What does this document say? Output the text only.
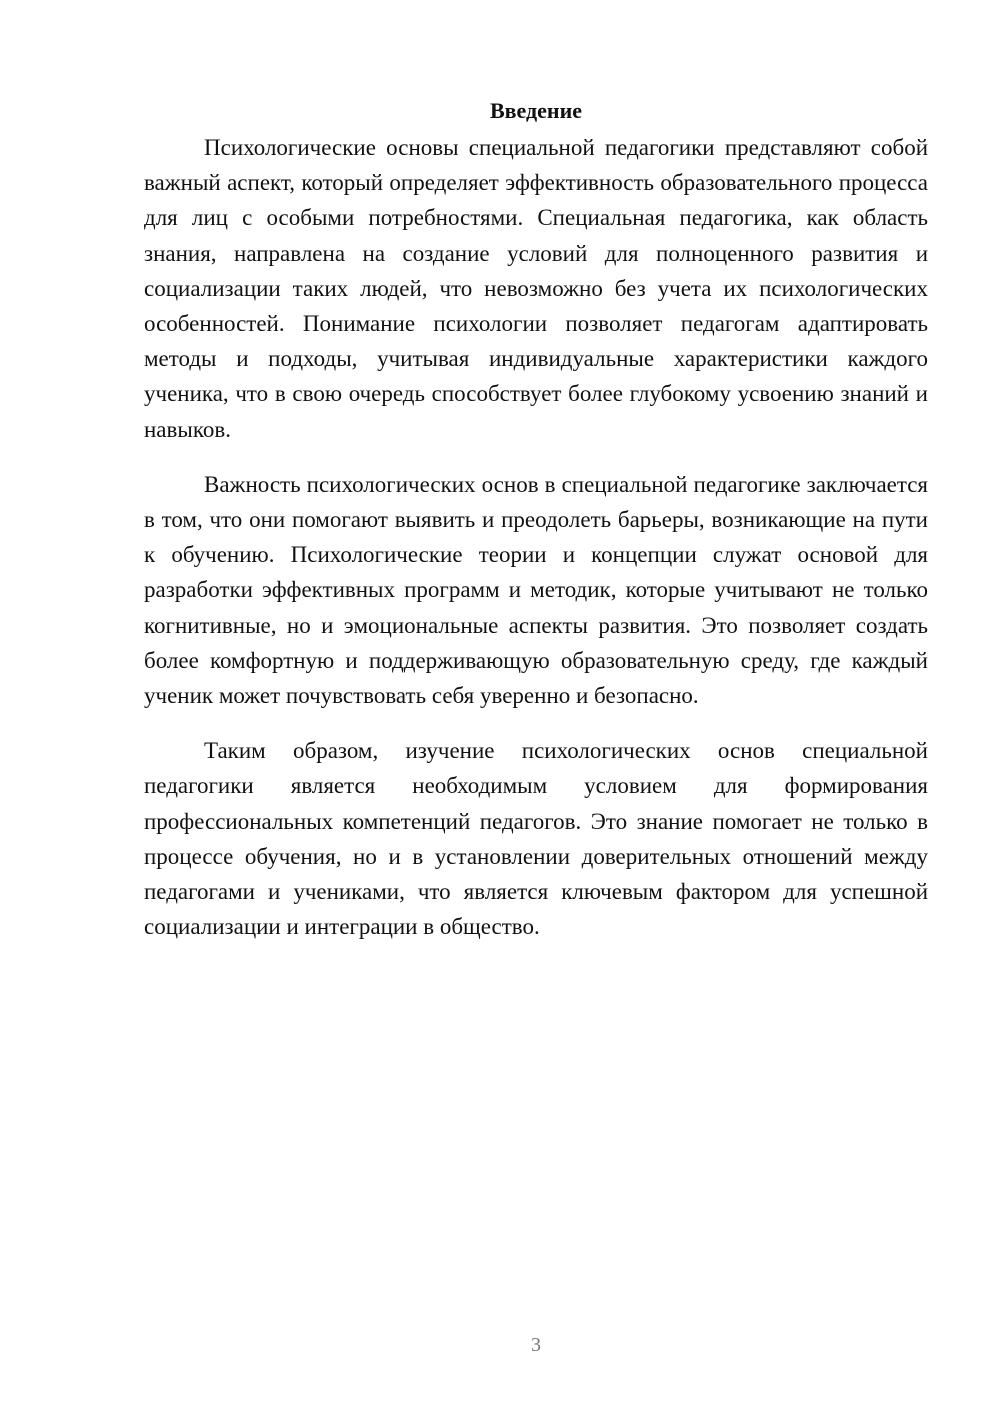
Введение

Психологические основы специальной педагогики представляют собой важный аспект, который определяет эффективность образовательного процесса для лиц с особыми потребностями. Специальная педагогика, как область знания, направлена на создание условий для полноценного развития и социализации таких людей, что невозможно без учета их психологических особенностей. Понимание психологии позволяет педагогам адаптировать методы и подходы, учитывая индивидуальные характеристики каждого ученика, что в свою очередь способствует более глубокому усвоению знаний и навыков.

Важность психологических основ в специальной педагогике заключается в том, что они помогают выявить и преодолеть барьеры, возникающие на пути к обучению. Психологические теории и концепции служат основой для разработки эффективных программ и методик, которые учитывают не только когнитивные, но и эмоциональные аспекты развития. Это позволяет создать более комфортную и поддерживающую образовательную среду, где каждый ученик может почувствовать себя уверенно и безопасно.

Таким образом, изучение психологических основ специальной педагогики является необходимым условием для формирования профессиональных компетенций педагогов. Это знание помогает не только в процессе обучения, но и в установлении доверительных отношений между педагогами и учениками, что является ключевым фактором для успешной социализации и интеграции в общество.

3
